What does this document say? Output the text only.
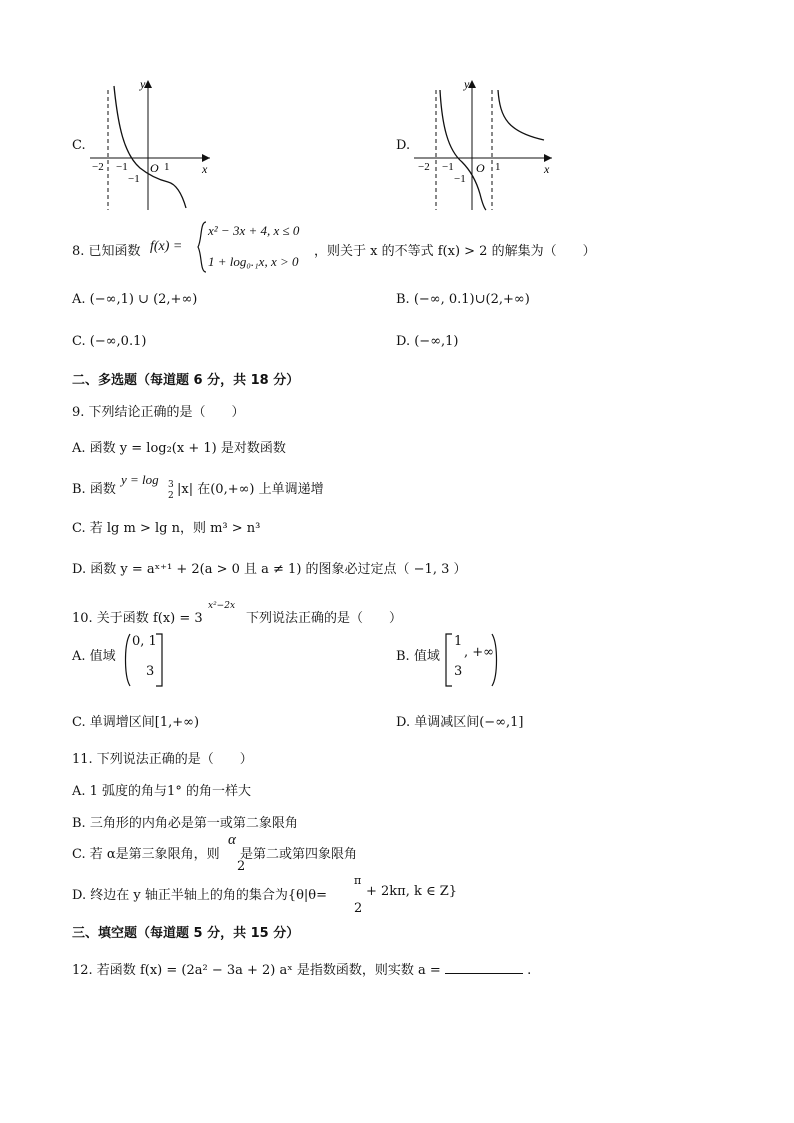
C.
y
x
O
−2 −1	1
−1
D.
y
x
O
−2 −1	1
−1
8. 已知函数 f(x) =
x² − 3x + 4, x ≤ 0
1 + log₀.₁x, x > 0
，则关于 x 的不等式 f(x) > 2 的解集为（　　）
A. (−∞,1) ∪ (2,+∞)	B. (−∞, 0.1)∪(2,+∞)
C. (−∞,0.1)	D. (−∞,1)
二、多选题（每道题 6 分，共 18 分）
9. 下列结论正确的是（　　）
A. 函数 y = log₂(x + 1) 是对数函数
B. 函数
y = log 3
2 |x| 在(0,+∞) 上单调递增
C. 若 lg m > lg n，则 m³ > n³
D. 函数 y = aˣ⁺¹ + 2(a > 0 且 a ≠ 1) 的图象必过定点（ −1, 3 ）
10. 关于函数 f(x) = 3
x²−2x
下列说法正确的是（　　）
A. 值域
0, 1
3
B. 值域
1
, +∞
3
C. 单调增区间[1,+∞)	D. 单调减区间(−∞,1]
11. 下列说法正确的是（　　）
A. 1 弧度的角与1° 的角一样大
B. 三角形的内角必是第一或第二象限角
C. 若 α是第三象限角，则
α
2
是第二或第四象限角
D. 终边在 y 轴正半轴上的角的集合为{θ|θ=
π
2
+ 2kπ, k ∈ Z}
三、填空题（每道题 5 分，共 15 分）
12. 若函数 f(x) = (2a² − 3a + 2) aˣ 是指数函数，则实数 a =	.
